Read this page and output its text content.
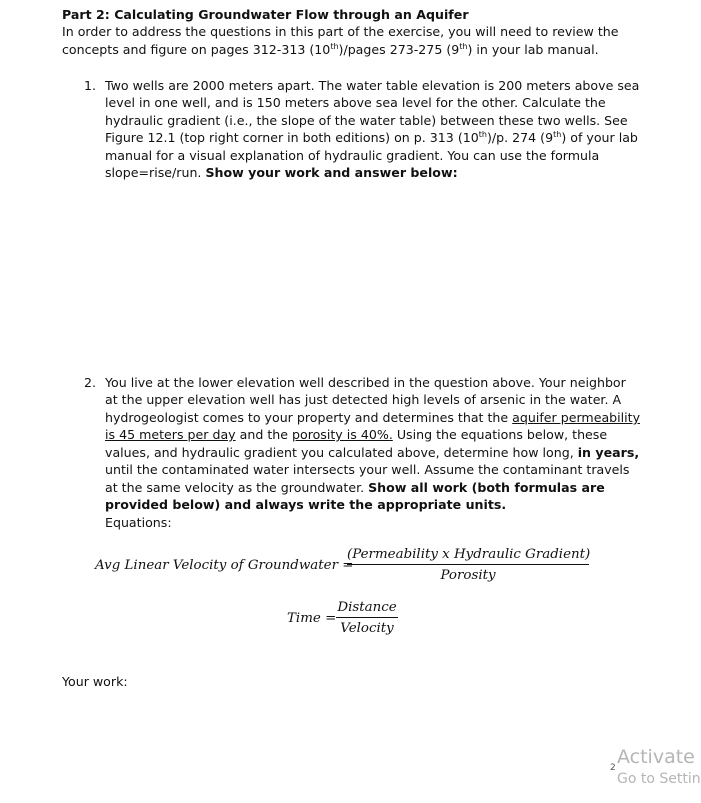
Part 2: Calculating Groundwater Flow through an Aquifer
In order to address the questions in this part of the exercise, you will need to review the
concepts and figure on pages 312-313 (10th)/pages 273-275 (9th) in your lab manual.
1. Two wells are 2000 meters apart. The water table elevation is 200 meters above sea
level in one well, and is 150 meters above sea level for the other. Calculate the
hydraulic gradient (i.e., the slope of the water table) between these two wells. See
Figure 12.1 (top right corner in both editions) on p. 313 (10th)/p. 274 (9th) of your lab
manual for a visual explanation of hydraulic gradient. You can use the formula
slope=rise/run. Show your work and answer below:
2. You live at the lower elevation well described in the question above. Your neighbor
at the upper elevation well has just detected high levels of arsenic in the water. A
hydrogeologist comes to your property and determines that the aquifer permeability
is 45 meters per day and the porosity is 40%. Using the equations below, these
values, and hydraulic gradient you calculated above, determine how long, in years,
until the contaminated water intersects your well. Assume the contaminant travels
at the same velocity as the groundwater. Show all work (both formulas are
provided below) and always write the appropriate units.
Equations:
Avg Linear Velocity of Groundwater =
(Permeability x Hydraulic Gradient)
Porosity
Time =
Distance
Velocity
Your work:
2 Activate
Go to Settin
